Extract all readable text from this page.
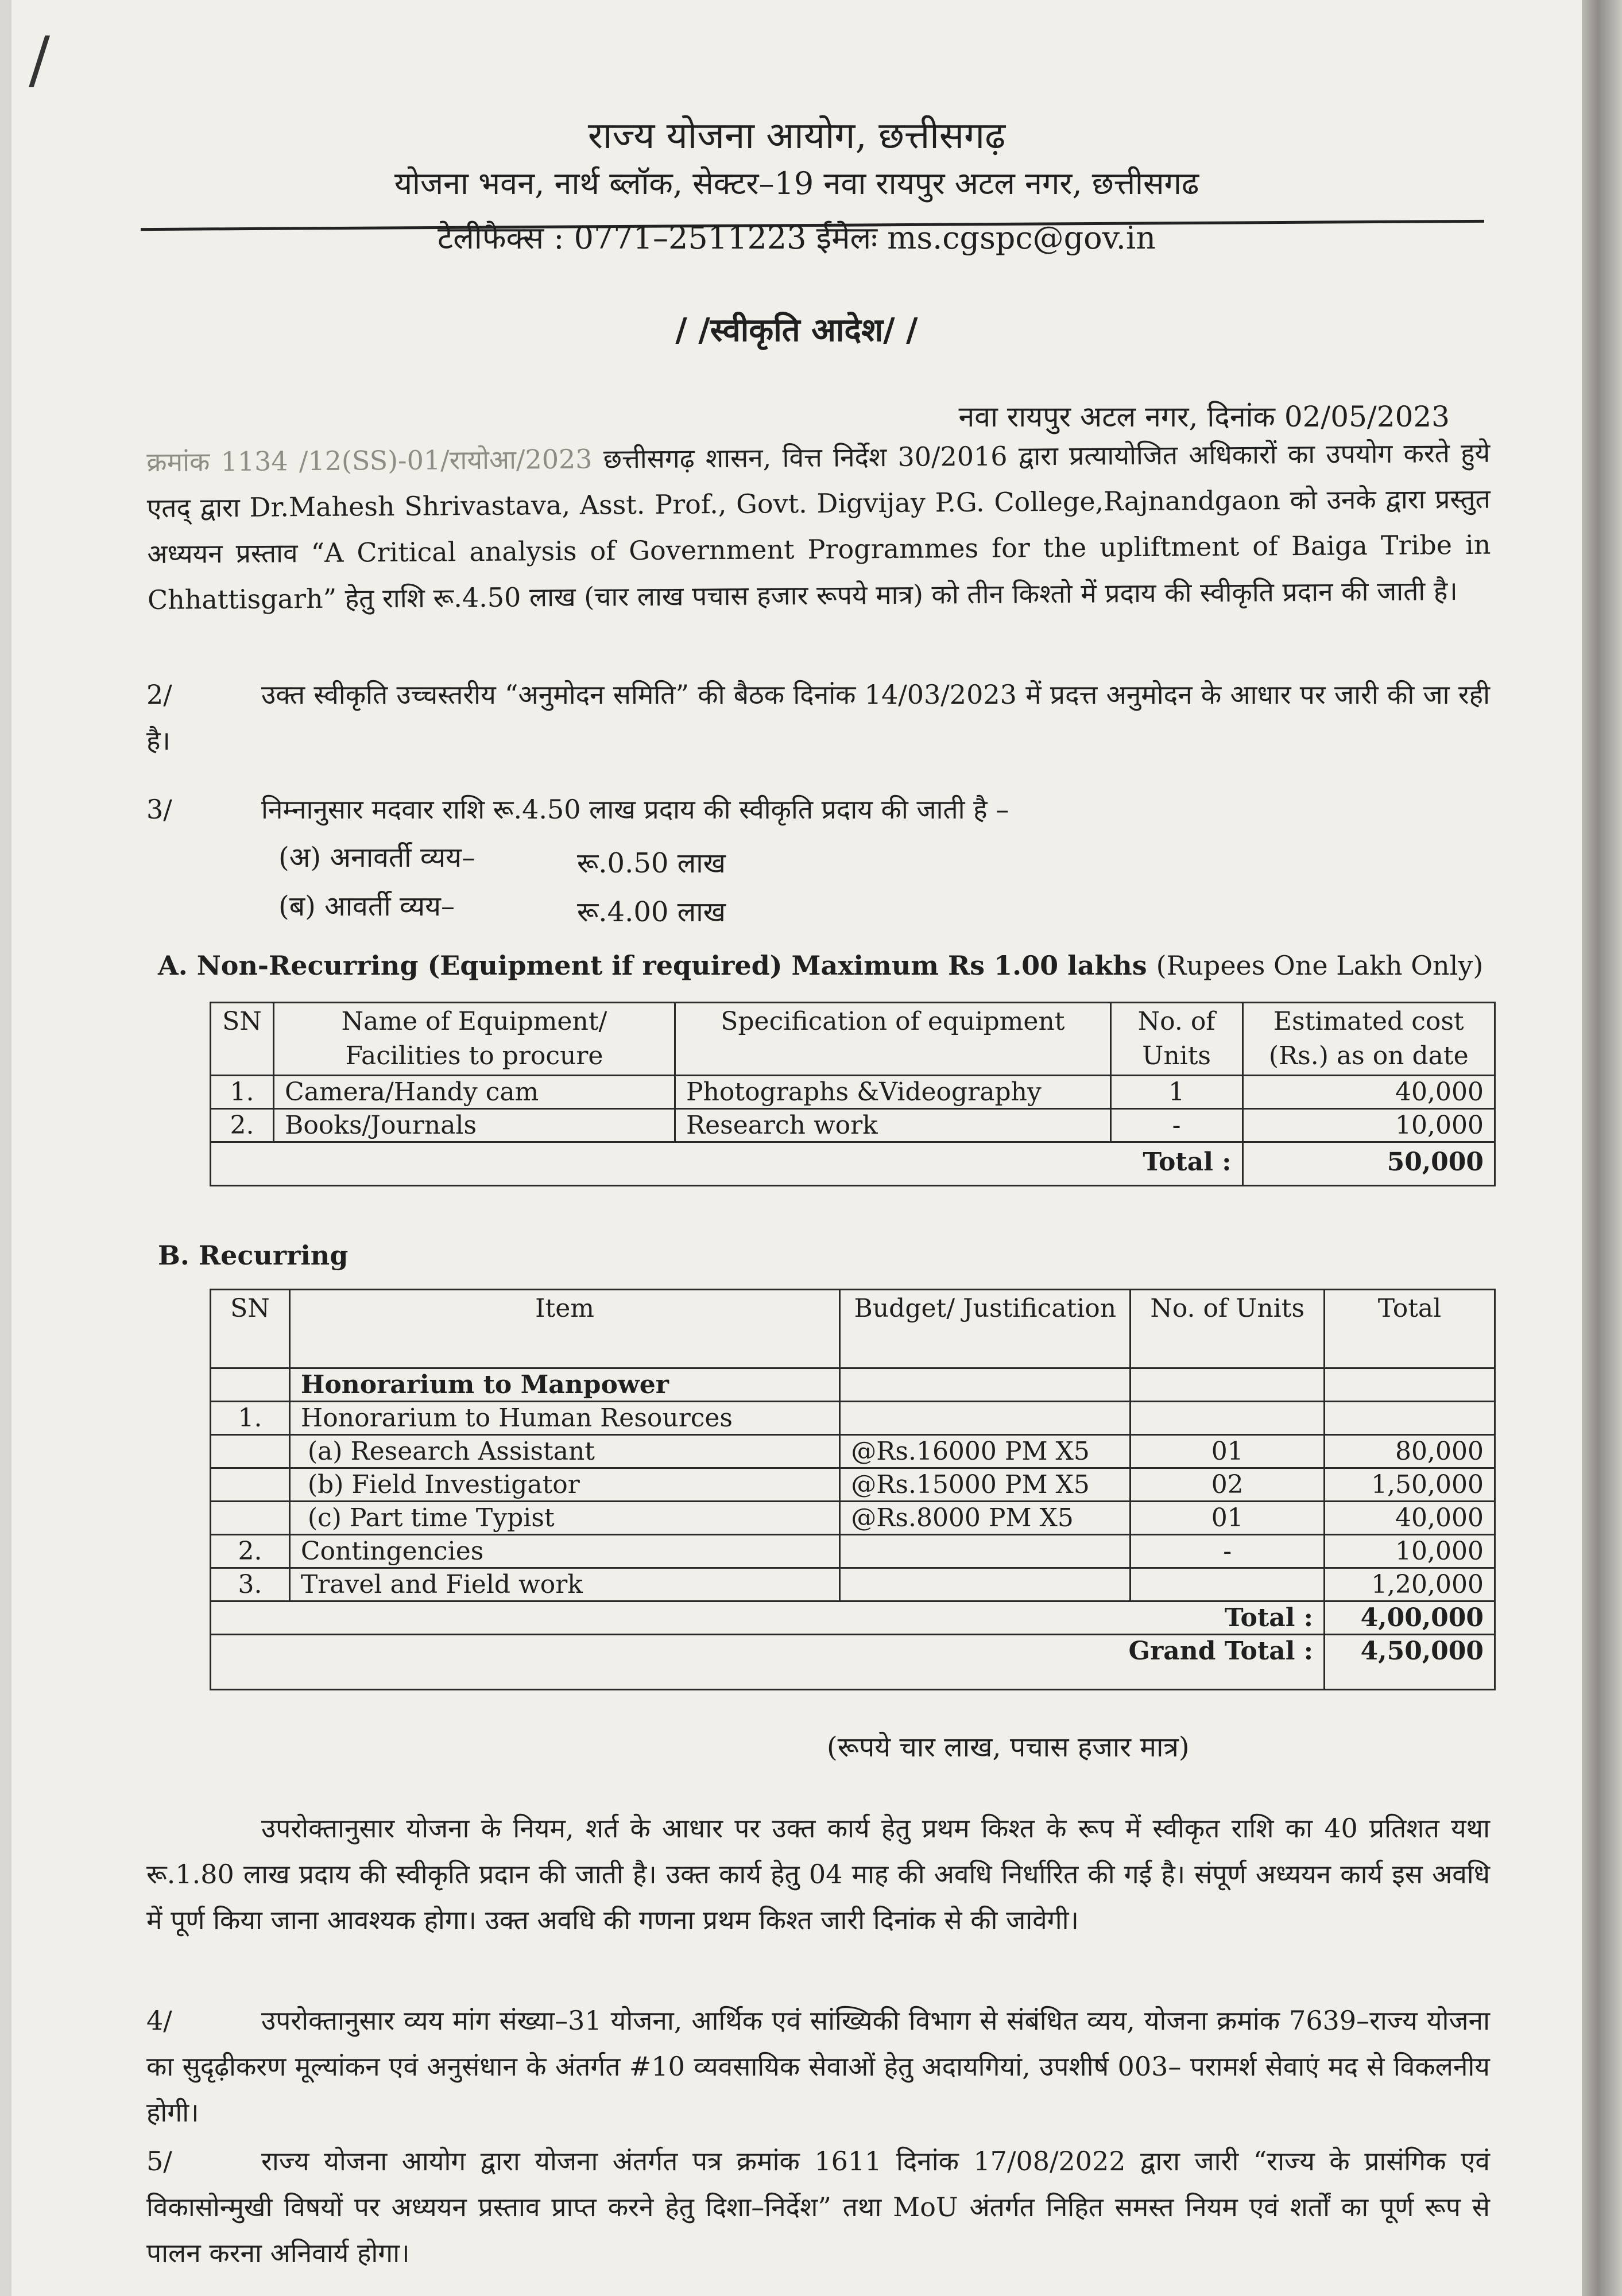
/
राज्य योजना आयोग, छत्तीसगढ़
योजना भवन, नार्थ ब्लॉक, सेक्टर–19 नवा रायपुर अटल नगर, छत्तीसगढ
टेलीफैक्स : 0771–2511223 ईमेलः ms.cgspc@gov.in
/ /स्वीकृति आदेश/ /
नवा रायपुर अटल नगर, दिनांक 02/05/2023
क्रमांक 1134 /12(SS)-01/रायोआ/2023 छत्तीसगढ़ शासन, वित्त निर्देश 30/2016 द्वारा प्रत्यायोजित अधिकारों का उपयोग करते हुये एतद् द्वारा Dr.Mahesh Shrivastava, Asst. Prof., Govt. Digvijay P.G. College,Rajnandgaon को उनके द्वारा प्रस्तुत अध्ययन प्रस्ताव “A Critical analysis of Government Programmes for the upliftment of Baiga Tribe in Chhattisgarh” हेतु राशि रू.4.50 लाख (चार लाख पचास हजार रूपये मात्र) को तीन किश्तो में प्रदाय की स्वीकृति प्रदान की जाती है।
2/	उक्त स्वीकृति उच्चस्तरीय “अनुमोदन समिति” की बैठक दिनांक 14/03/2023 में प्रदत्त अनुमोदन के आधार पर जारी की जा रही है।
3/	निम्नानुसार मदवार राशि रू.4.50 लाख प्रदाय की स्वीकृति प्रदाय की जाती है –
(अ) अनावर्ती व्यय–	रू.0.50 लाख
(ब) आवर्ती व्यय–	रू.4.00 लाख
A. Non-Recurring (Equipment if required) Maximum Rs 1.00 lakhs (Rupees One Lakh Only)
SN	Name of Equipment/ Facilities to procure	Specification of equipment	No. of Units	Estimated cost (Rs.) as on date
1.	Camera/Handy cam	Photographs &Videography	1	40,000
2.	Books/Journals	Research work	-	10,000
Total :				50,000
B. Recurring
SN	Item	Budget/ Justification	No. of Units	Total
	Honorarium to Manpower			
1.	Honorarium to Human Resources			
	(a) Research Assistant	@Rs.16000 PM X5	01	80,000
	(b) Field Investigator	@Rs.15000 PM X5	02	1,50,000
	(c) Part time Typist	@Rs.8000 PM X5	01	40,000
2.	Contingencies		-	10,000
3.	Travel and Field work			1,20,000
Total :				4,00,000
Grand Total :				4,50,000
(रूपये चार लाख, पचास हजार मात्र)
उपरोक्तानुसार योजना के नियम, शर्त के आधार पर उक्त कार्य हेतु प्रथम किश्त के रूप में स्वीकृत राशि का 40 प्रतिशत यथा रू.1.80 लाख प्रदाय की स्वीकृति प्रदान की जाती है। उक्त कार्य हेतु 04 माह की अवधि निर्धारित की गई है। संपूर्ण अध्ययन कार्य इस अवधि में पूर्ण किया जाना आवश्यक होगा। उक्त अवधि की गणना प्रथम किश्त जारी दिनांक से की जावेगी।
4/	उपरोक्तानुसार व्यय मांग संख्या–31 योजना, आर्थिक एवं सांख्यिकी विभाग से संबंधित व्यय, योजना क्रमांक 7639–राज्य योजना का सुदृढ़ीकरण मूल्यांकन एवं अनुसंधान के अंतर्गत #10 व्यवसायिक सेवाओं हेतु अदायगियां, उपशीर्ष 003– परामर्श सेवाएं मद से विकलनीय होगी।
5/	राज्य योजना आयोग द्वारा योजना अंतर्गत पत्र क्रमांक 1611 दिनांक 17/08/2022 द्वारा जारी “राज्य के प्रासंगिक एवं विकासोन्मुखी विषयों पर अध्ययन प्रस्ताव प्राप्त करने हेतु दिशा–निर्देश” तथा MoU अंतर्गत निहित समस्त नियम एवं शर्तों का पूर्ण रूप से पालन करना अनिवार्य होगा।
